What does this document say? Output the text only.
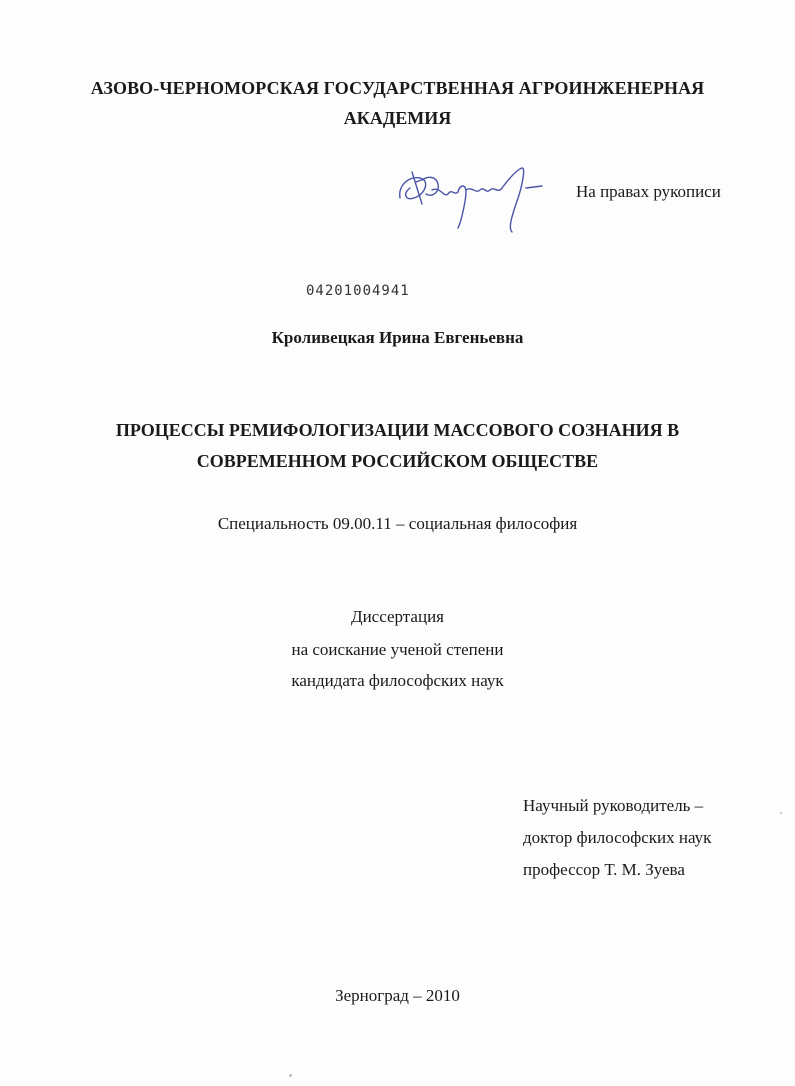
АЗОВО-ЧЕРНОМОРСКАЯ ГОСУДАРСТВЕННАЯ АГРОИНЖЕНЕРНАЯ
АКАДЕМИЯ
На правах рукописи
04201004941
Кроливецкая Ирина Евгеньевна
ПРОЦЕССЫ РЕМИФОЛОГИЗАЦИИ МАССОВОГО СОЗНАНИЯ В
СОВРЕМЕННОМ РОССИЙСКОМ ОБЩЕСТВЕ
Специальность 09.00.11 – социальная философия
Диссертация
на соискание ученой степени
кандидата философских наук
Научный руководитель –
доктор философских наук
профессор Т. М. Зуева
Зерноград – 2010
